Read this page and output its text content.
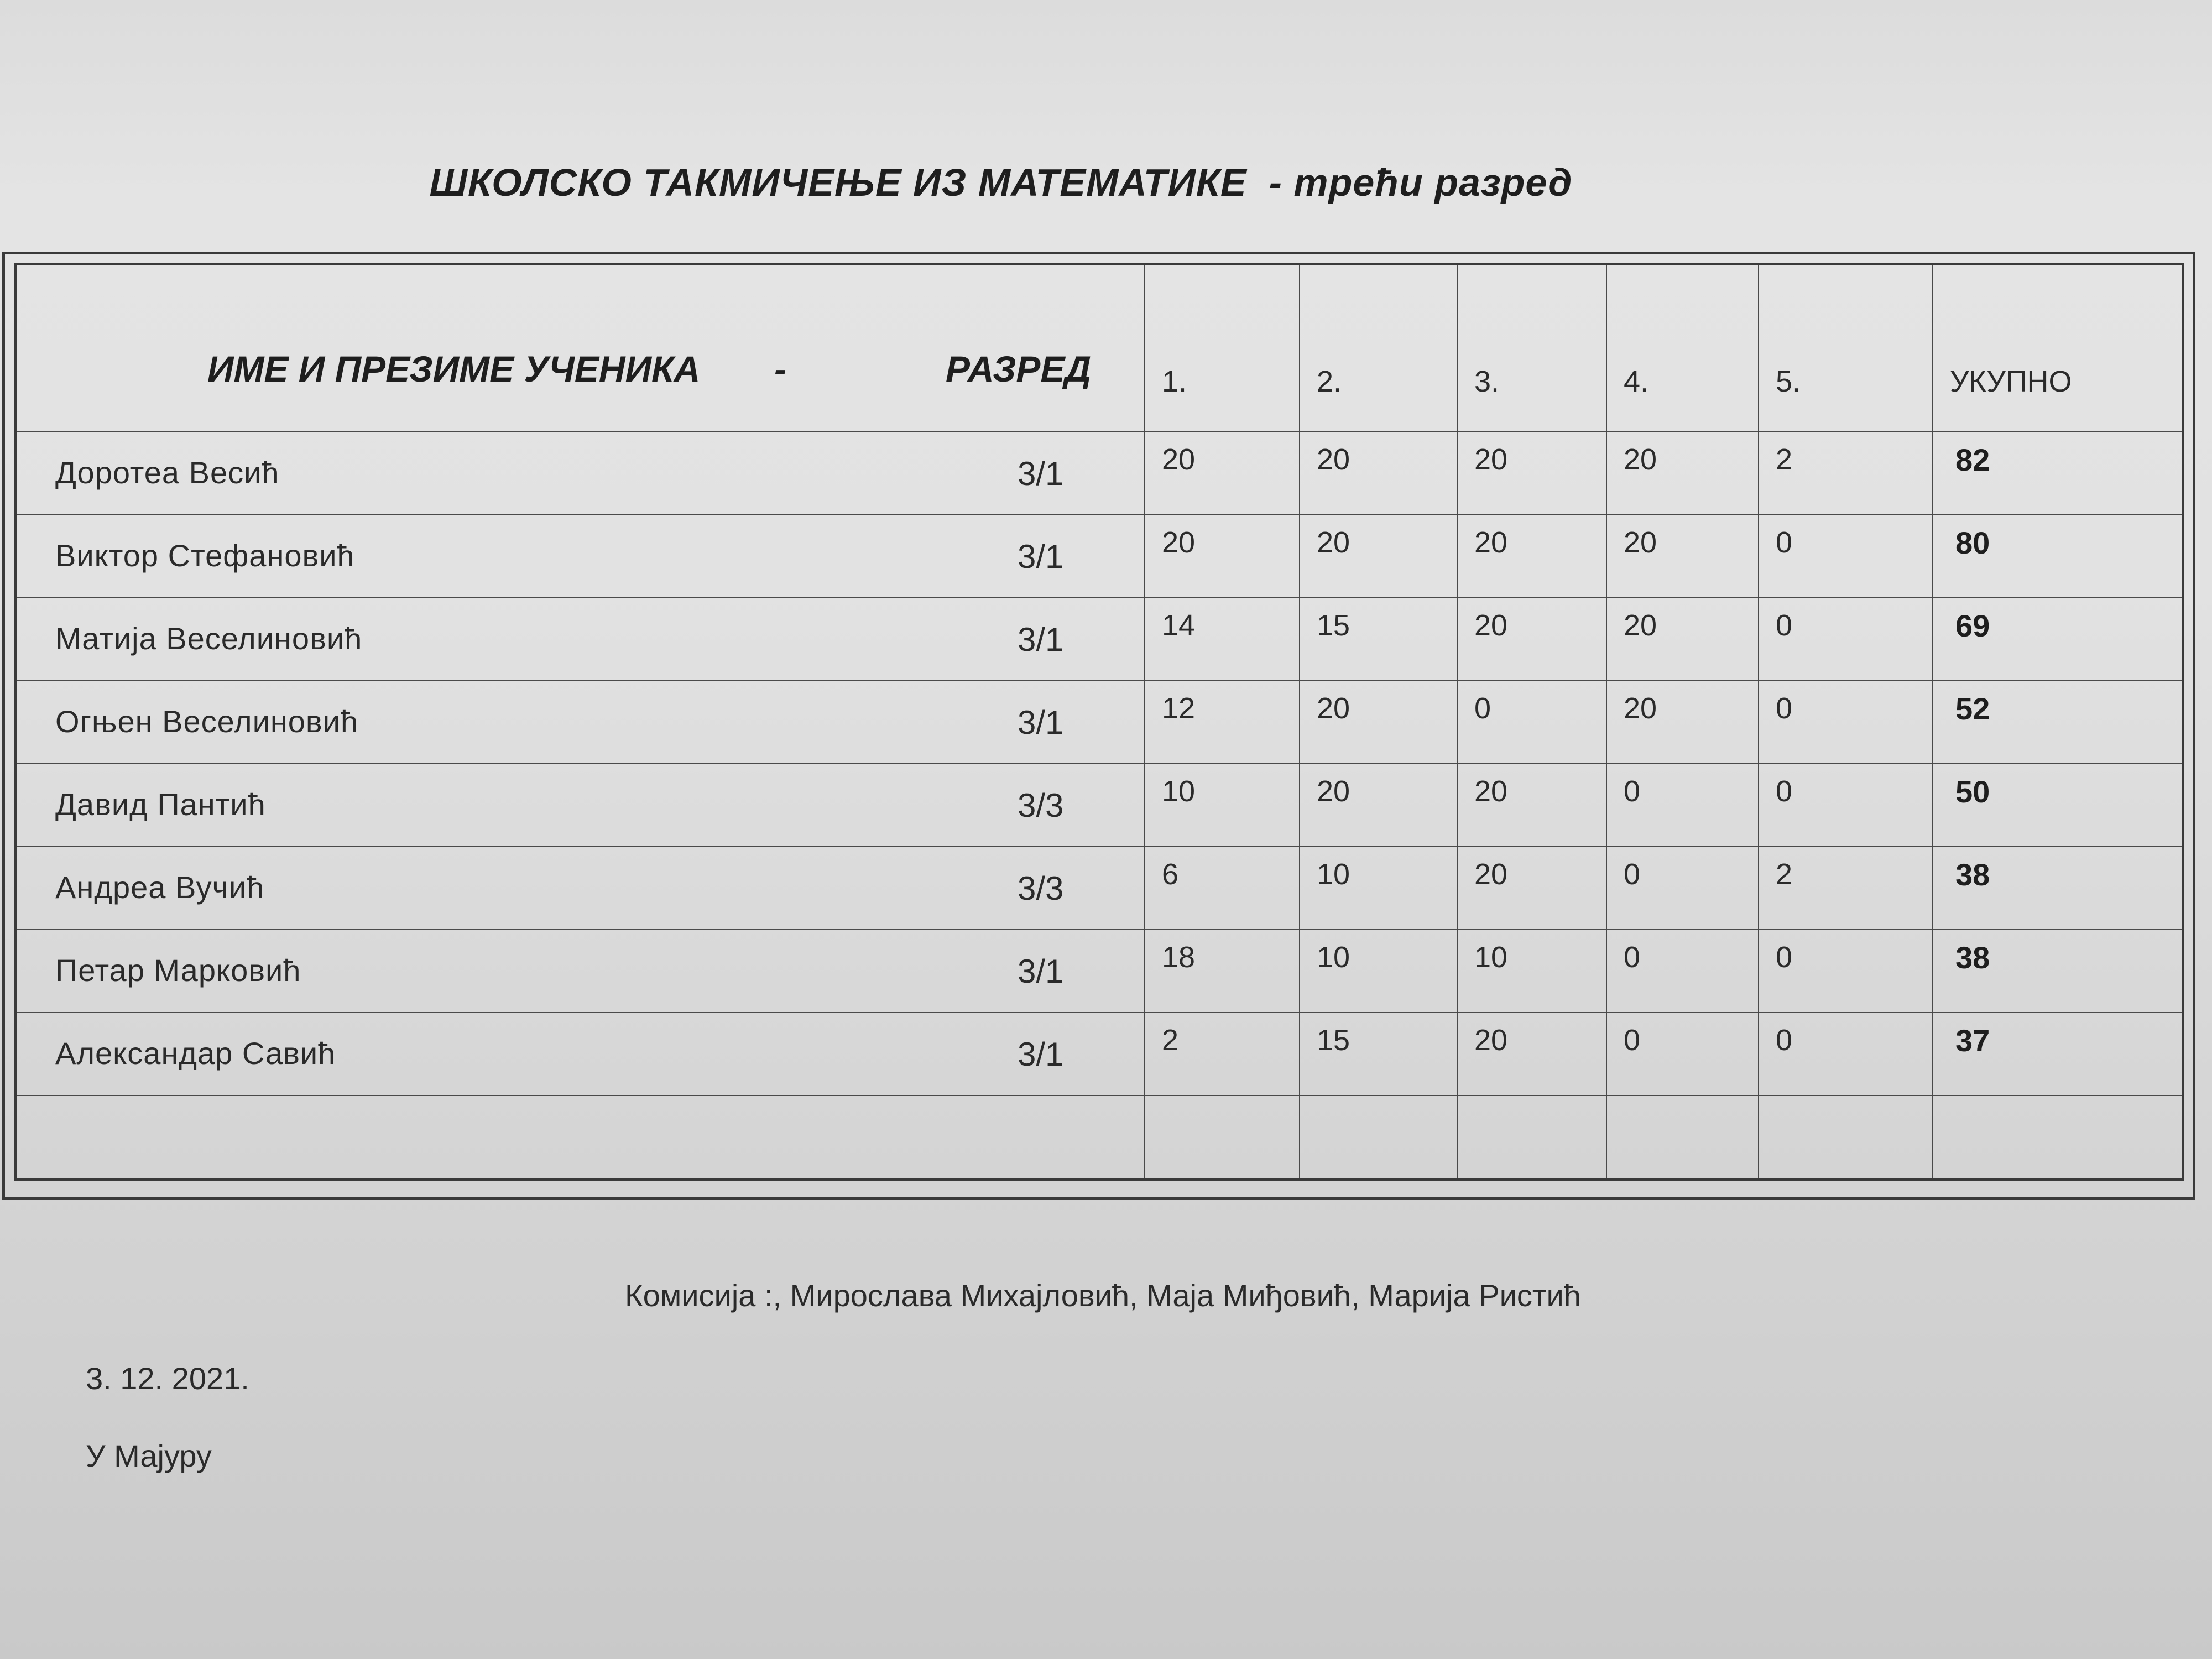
ШКОЛСКО ТАКМИЧЕЊЕ ИЗ МАТЕМАТИКЕ - трећи разред
ИМЕ И ПРЕЗИМЕ УЧЕНИКА - РАЗРЕД	1.	2.	3.	4.	5.	УКУПНО

Доротеа Весић 3/1	20	20	20	20	2	82

Виктор Стефановић 3/1	20	20	20	20	0	80

Матија Веселиновић 3/1	14	15	20	20	0	69

Огњен Веселиновић 3/1	12	20	0	20	0	52

Давид Пантић 3/3	10	20	20	0	0	50

Андреа Вучић 3/3	6	10	20	0	2	38

Петар Марковић 3/1	18	10	10	0	0	38

Александар Савић 3/1	2	15	20	0	0	37

Комисија :, Мирослава Михајловић, Маја Миђовић, Марија Ристић
3. 12. 2021.
У Мајуру
